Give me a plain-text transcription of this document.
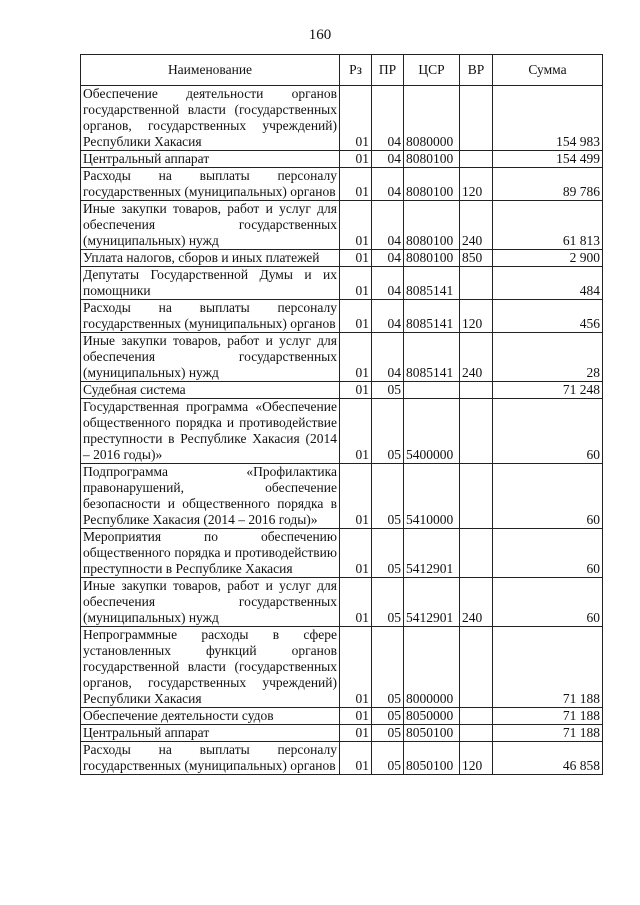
160
Наименование	Рз	ПР	ЦСР	ВР	Сумма
Обеспечение деятельности органов государственной власти (государственных органов, государственных учреждений) Республики Хакасия	01	04	8080000		154 983
Центральный аппарат	01	04	8080100		154 499
Расходы на выплаты персоналу государственных (муниципальных) органов	01	04	8080100	120	89 786
Иные закупки товаров, работ и услуг для обеспечения государственных (муниципальных) нужд	01	04	8080100	240	61 813
Уплата налогов, сборов и иных платежей	01	04	8080100	850	2 900
Депутаты Государственной Думы и их помощники	01	04	8085141		484
Расходы на выплаты персоналу государственных (муниципальных) органов	01	04	8085141	120	456
Иные закупки товаров, работ и услуг для обеспечения государственных (муниципальных) нужд	01	04	8085141	240	28
Судебная система	01	05			71 248
Государственная программа «Обеспечение общественного порядка и противодействие преступности в Республике Хакасия (2014 – 2016 годы)»	01	05	5400000		60
Подпрограмма «Профилактика правонарушений, обеспечение безопасности и общественного порядка в Республике Хакасия (2014 – 2016 годы)»	01	05	5410000		60
Мероприятия по обеспечению общественного порядка и противодействию преступности в Республике Хакасия	01	05	5412901		60
Иные закупки товаров, работ и услуг для обеспечения государственных (муниципальных) нужд	01	05	5412901	240	60
Непрограммные расходы в сфере установленных функций органов государственной власти (государственных органов, государственных учреждений) Республики Хакасия	01	05	8000000		71 188
Обеспечение деятельности судов	01	05	8050000		71 188
Центральный аппарат	01	05	8050100		71 188
Расходы на выплаты персоналу государственных (муниципальных) органов	01	05	8050100	120	46 858
